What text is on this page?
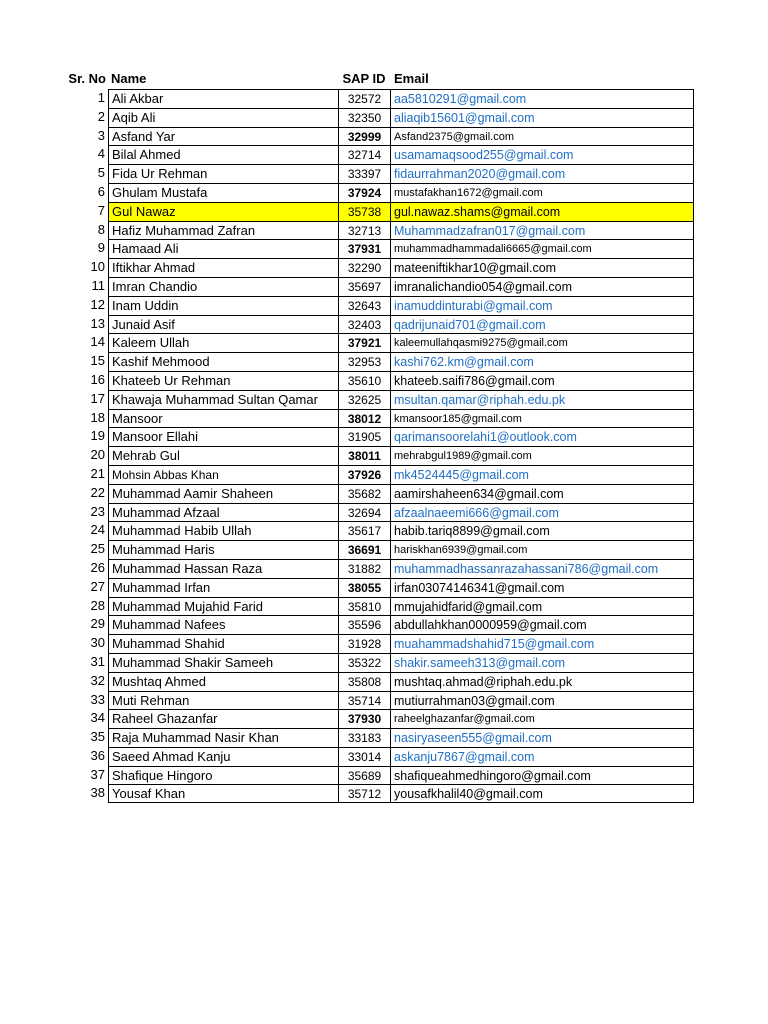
Sr. No Name	SAP ID Email
1 Ali Akbar	32572	aa5810291@gmail.com
2 Aqib Ali	32350	aliaqib15601@gmail.com
3 Asfand Yar	32999	Asfand2375@gmail.com
4 Bilal Ahmed	32714	usamamaqsood255@gmail.com
5 Fida Ur Rehman	33397	fidaurrahman2020@gmail.com
6 Ghulam Mustafa	37924	mustafakhan1672@gmail.com
7 Gul Nawaz	35738	gul.nawaz.shams@gmail.com
8 Hafiz Muhammad Zafran	32713	Muhammadzafran017@gmail.com
9 Hamaad Ali	37931	muhammadhammadali6665@gmail.com
10 Iftikhar Ahmad	32290	mateeniftikhar10@gmail.com
11 Imran Chandio	35697	imranalichandio054@gmail.com
12 Inam Uddin	32643	inamuddinturabi@gmail.com
13 Junaid Asif	32403	qadrijunaid701@gmail.com
14 Kaleem Ullah	37921	kaleemullahqasmi9275@gmail.com
15 Kashif Mehmood	32953	kashi762.km@gmail.com
16 Khateeb Ur Rehman	35610	khateeb.saifi786@gmail.com
17 Khawaja Muhammad Sultan Qamar	32625	msultan.qamar@riphah.edu.pk
18 Mansoor	38012	kmansoor185@gmail.com
19 Mansoor Ellahi	31905	qarimansoorelahi1@outlook.com
20 Mehrab Gul	38011	mehrabgul1989@gmail.com
21 Mohsin Abbas Khan	37926	mk4524445@gmail.com
22 Muhammad Aamir Shaheen	35682	aamirshaheen634@gmail.com
23 Muhammad Afzaal	32694	afzaalnaeemi666@gmail.com
24 Muhammad Habib Ullah	35617	habib.tariq8899@gmail.com
25 Muhammad Haris	36691	hariskhan6939@gmail.com
26 Muhammad Hassan Raza	31882	muhammadhassanrazahassani786@gmail.com
27 Muhammad Irfan	38055	irfan03074146341@gmail.com
28 Muhammad Mujahid Farid	35810	mmujahidfarid@gmail.com
29 Muhammad Nafees	35596	abdullahkhan0000959@gmail.com
30 Muhammad Shahid	31928	muahammadshahid715@gmail.com
31 Muhammad Shakir Sameeh	35322	shakir.sameeh313@gmail.com
32 Mushtaq Ahmed	35808	mushtaq.ahmad@riphah.edu.pk
33 Muti Rehman	35714	mutiurrahman03@gmail.com
34 Raheel Ghazanfar	37930	raheelghazanfar@gmail.com
35 Raja Muhammad Nasir Khan	33183	nasiryaseen555@gmail.com
36 Saeed Ahmad Kanju	33014	askanju7867@gmail.com
37 Shafique Hingoro	35689	shafiqueahmedhingoro@gmail.com
38 Yousaf Khan	35712	yousafkhalil40@gmail.com
